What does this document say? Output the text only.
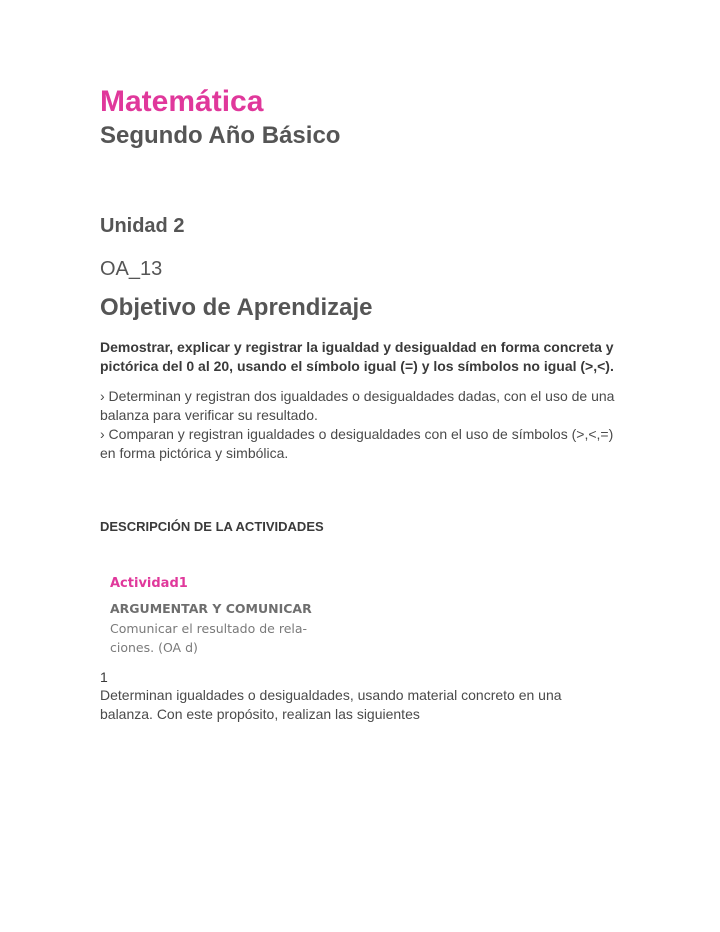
Matemática
Segundo Año Básico
Unidad 2
OA_13
Objetivo de Aprendizaje
Demostrar, explicar y registrar la igualdad y desigualdad en forma concreta y pictórica del 0 al 20, usando el símbolo igual (=) y los símbolos no igual (>,<).

› Determinan y registran dos igualdades o desigualdades dadas, con el uso de una balanza para verificar su resultado.

› Comparan y registran igualdades o desigualdades con el uso de símbolos (>,<,=) en forma pictórica y simbólica.

DESCRIPCIÓN DE LA ACTIVIDADES
Actividad1
ARGUMENTAR Y COMUNICAR
Comunicar el resultado de rela-ciones. (OA d)
1
Determinan igualdades o desigualdades, usando material concreto en una balanza. Con este propósito, realizan las siguientes
